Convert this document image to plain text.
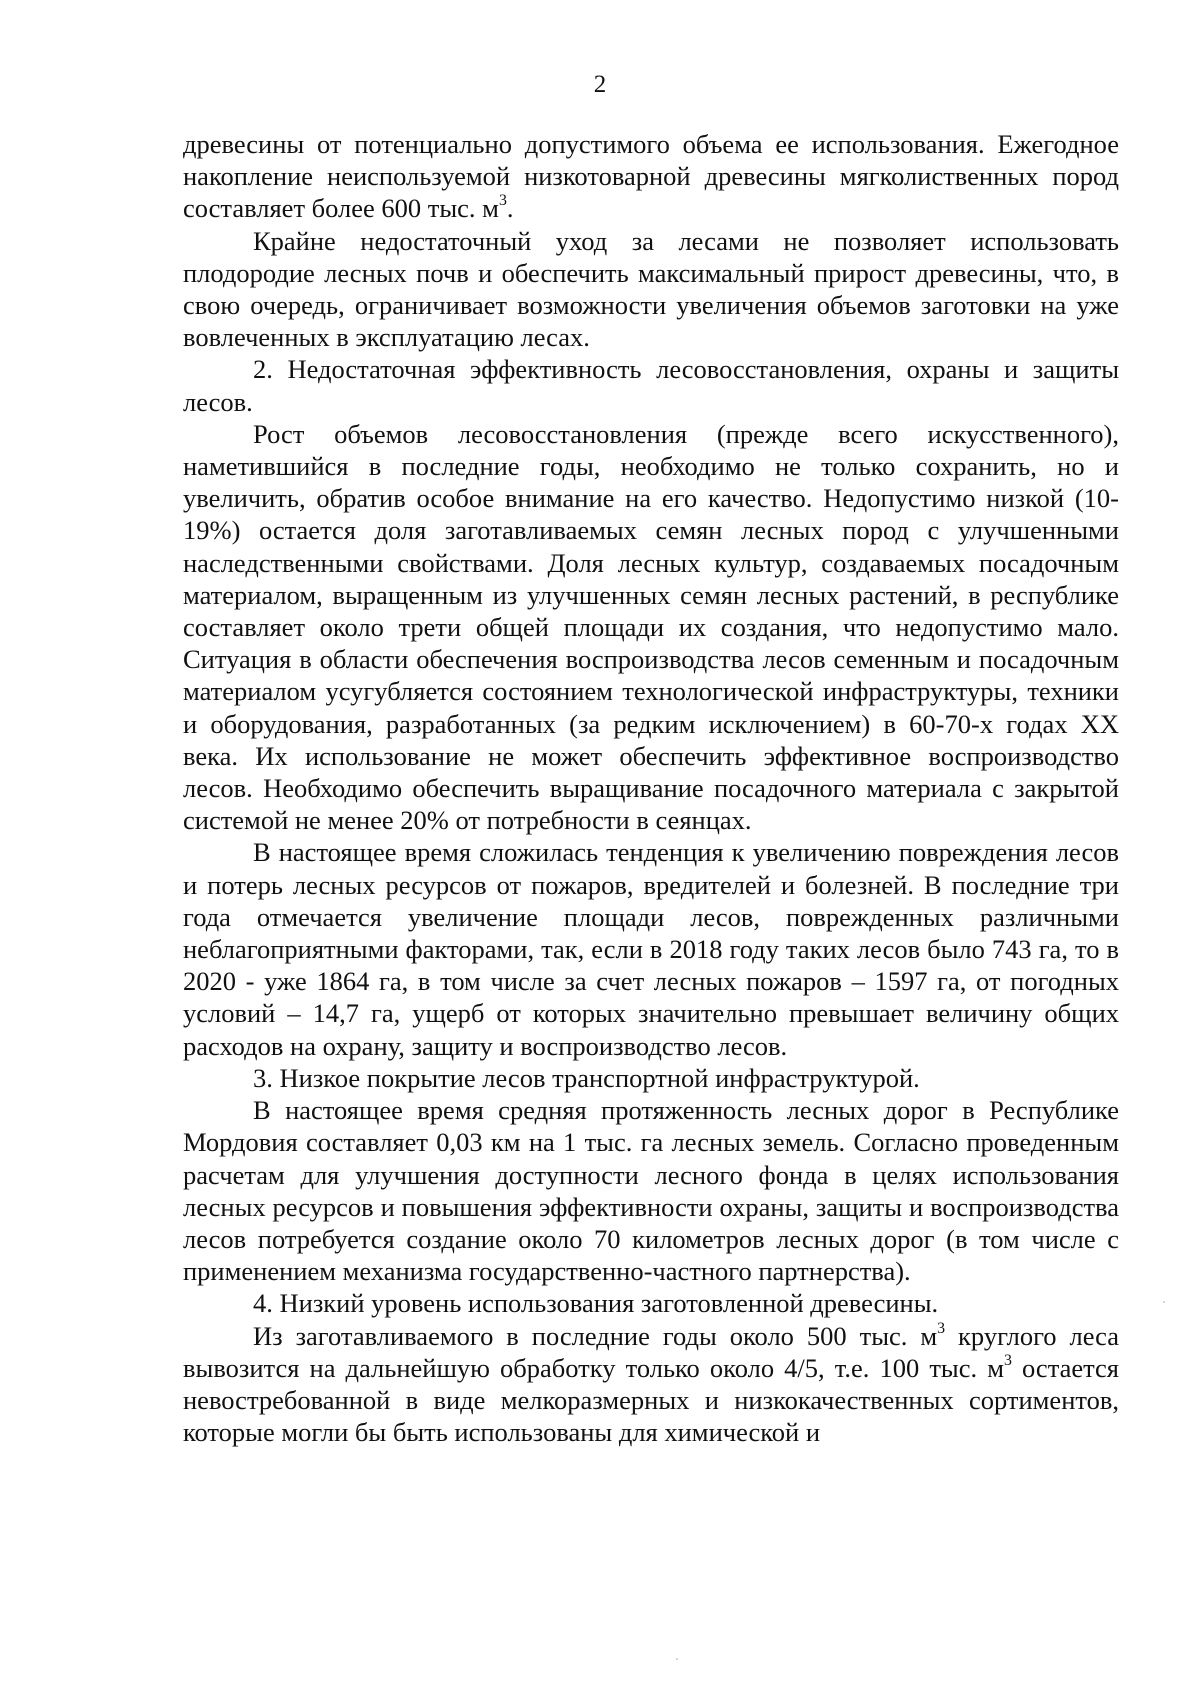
2

древесины от потенциально допустимого объема ее использования. Ежегодное накопление неиспользуемой низкотоварной древесины мягколиственных пород составляет более 600 тыс. $м^3$.

Крайне недостаточный уход за лесами не позволяет использовать плодородие лесных почв и обеспечить максимальный прирост древесины, что, в свою очередь, ограничивает возможности увеличения объемов заготовки на уже вовлеченных в эксплуатацию лесах.

2. Недостаточная эффективность лесовосстановления, охраны и защиты лесов.

Рост объемов лесовосстановления (прежде всего искусственного), наметившийся в последние годы, необходимо не только сохранить, но и увеличить, обратив особое внимание на его качество. Недопустимо низкой (10-19%) остается доля заготавливаемых семян лесных пород с улучшенными наследственными свойствами. Доля лесных культур, создаваемых посадочным материалом, выращенным из улучшенных семян лесных растений, в республике составляет около трети общей площади их создания, что недопустимо мало. Ситуация в области обеспечения воспроизводства лесов семенным и посадочным материалом усугубляется состоянием технологической инфраструктуры, техники и оборудования, разработанных (за редким исключением) в 60-70-х годах XX века. Их использование не может обеспечить эффективное воспроизводство лесов. Необходимо обеспечить выращивание посадочного материала с закрытой системой не менее 20% от потребности в сеянцах.

В настоящее время сложилась тенденция к увеличению повреждения лесов и потерь лесных ресурсов от пожаров, вредителей и болезней. В последние три года отмечается увеличение площади лесов, поврежденных различными неблагоприятными факторами, так, если в 2018 году таких лесов было 743 га, то в 2020 - уже 1864 га, в том числе за счет лесных пожаров – 1597 га, от погодных условий – 14,7 га, ущерб от которых значительно превышает величину общих расходов на охрану, защиту и воспроизводство лесов.

3. Низкое покрытие лесов транспортной инфраструктурой.

В настоящее время средняя протяженность лесных дорог в Республике Мордовия составляет 0,03 км на 1 тыс. га лесных земель. Согласно проведенным расчетам для улучшения доступности лесного фонда в целях использования лесных ресурсов и повышения эффективности охраны, защиты и воспроизводства лесов потребуется создание около 70 километров лесных дорог (в том числе с применением механизма государственно-частного партнерства).

4. Низкий уровень использования заготовленной древесины.

Из заготавливаемого в последние годы около 500 тыс. $м^3$ круглого леса вывозится на дальнейшую обработку только около 4/5, т.е. 100 тыс. $м^3$ остается невостребованной в виде мелкоразмерных и низкокачественных сортиментов, которые могли бы быть использованы для химической и
